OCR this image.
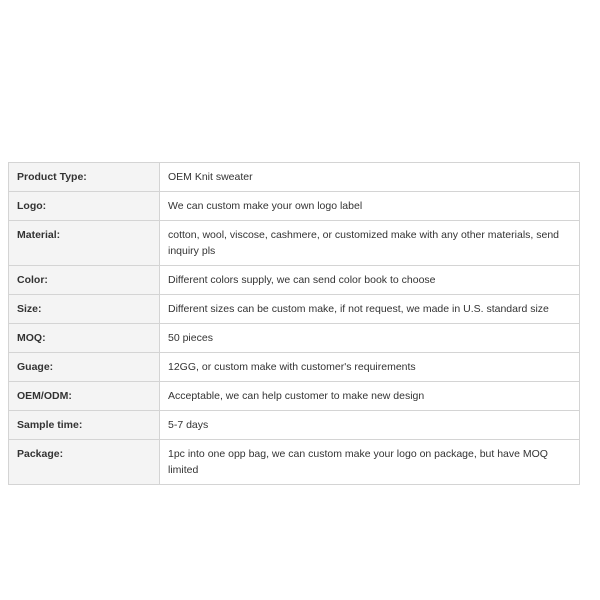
Product Type:	OEM Knit sweater
Logo:	We can custom make your own logo label
Material:	cotton, wool, viscose, cashmere, or customized make with any other materials, send inquiry pls
Color:	Different colors supply, we can send color book to choose
Size:	Different sizes can be custom make, if not request, we made in U.S. standard size
MOQ:	50 pieces
Guage:	12GG, or custom make with customer's requirements
OEM/ODM:	Acceptable, we can help customer to make new design
Sample time:	5-7 days
Package:	1pc into one opp bag, we can custom make your logo on package, but have MOQ limited
